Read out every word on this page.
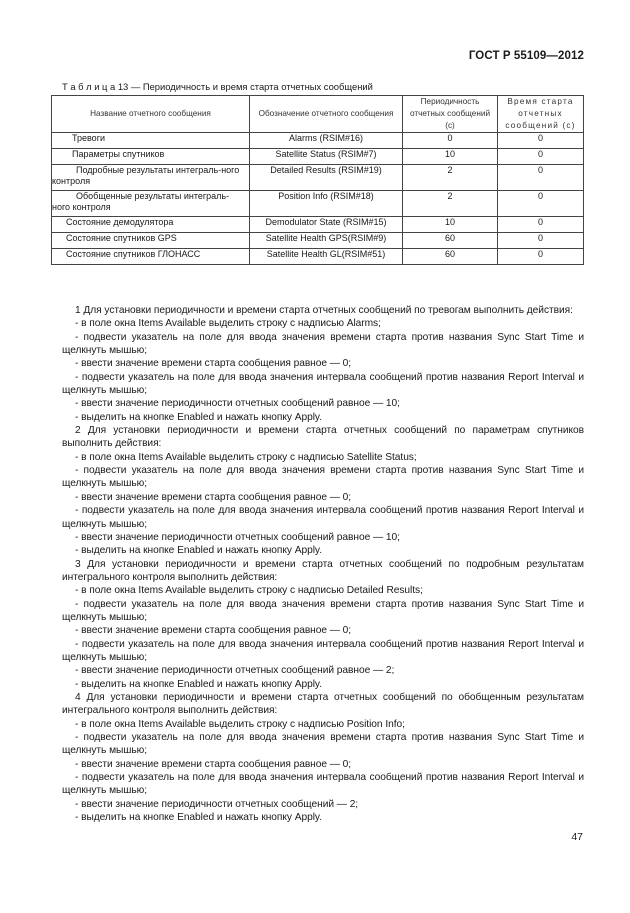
ГОСТ Р 55109—2012
Т а б л и ц а 13 — Периодичность и время старта отчетных сообщений
Название отчетного сообщения	Обозначение отчетного сообщения	Периодичность отчетных сообщений (с)	Время старта отчетных сообщений (с)
Тревоги	Alarms (RSIM#16)	0	0
Параметры спутников	Satellite Status (RSIM#7)	10	0
Подробные результаты интеграль-ного контроля	Detailed Results (RSIM#19)	2	0
Обобщенные результаты интеграль-ного контроля	Position Info (RSIM#18)	2	0
Состояние демодулятора	Demodulator State (RSIM#15)	10	0
Состояние спутников GPS	Satellite Health GPS(RSIM#9)	60	0
Состояние спутников ГЛОНАСС	Satellite Health GL(RSIM#51)	60	0

1 Для установки периодичности и времени старта отчетных сообщений по тревогам выполнить действия:

- в поле окна Items Available выделить строку с надписью Alarms;

- подвести указатель на поле для ввода значения времени старта против названия Sync Start Time и щелкнуть мышью;

- ввести значение времени старта сообщения равное — 0;

- подвести указатель на поле для ввода значения интервала сообщений против названия Report Interval и щелкнуть мышью;

- ввести значение периодичности отчетных сообщений равное — 10;

- выделить на кнопке Enabled и нажать кнопку Apply.

2 Для установки периодичности и времени старта отчетных сообщений по параметрам спутников выполнить действия:

- в поле окна Items Available выделить строку с надписью Satellite Status;

- подвести указатель на поле для ввода значения времени старта против названия Sync Start Time и щелкнуть мышью;

- ввести значение времени старта сообщения равное — 0;

- подвести указатель на поле для ввода значения интервала сообщений против названия Report Interval и щелкнуть мышью;

- ввести значение периодичности отчетных сообщений равное — 10;

- выделить на кнопке Enabled и нажать кнопку Apply.

3 Для установки периодичности и времени старта отчетных сообщений по подробным результатам интегрального контроля выполнить действия:

- в поле окна Items Available выделить строку с надписью Detailed Results;

- подвести указатель на поле для ввода значения времени старта против названия Sync Start Time и щелкнуть мышью;

- ввести значение времени старта сообщения равное — 0;

- подвести указатель на поле для ввода значения интервала сообщений против названия Report Interval и щелкнуть мышью;

- ввести значение периодичности отчетных сообщений равное — 2;

- выделить на кнопке Enabled и нажать кнопку Apply.

4 Для установки периодичности и времени старта отчетных сообщений по обобщенным результатам интегрального контроля выполнить действия:

- в поле окна Items Available выделить строку с надписью Position Info;

- подвести указатель на поле для ввода значения времени старта против названия Sync Start Time и щелкнуть мышью;

- ввести значение времени старта сообщения равное — 0;

- подвести указатель на поле для ввода значения интервала сообщений против названия Report Interval и щелкнуть мышью;

- ввести значение периодичности отчетных сообщений — 2;

- выделить на кнопке Enabled и нажать кнопку Apply.

47
